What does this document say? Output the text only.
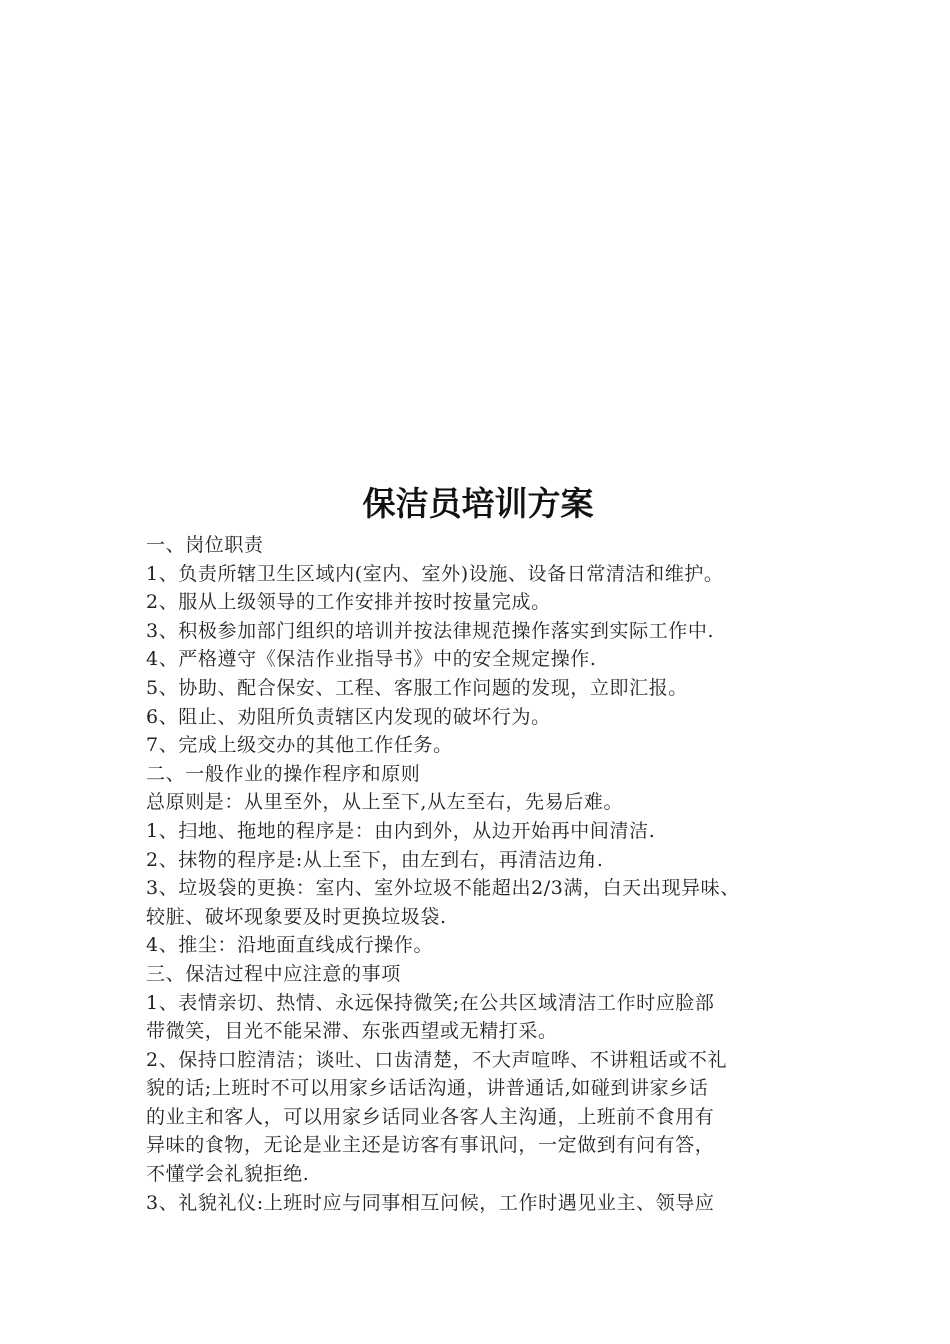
保洁员培训方案
一、岗位职责
1、负责所辖卫生区域内(室内、室外)设施、设备日常清洁和维护。
2、服从上级领导的工作安排并按时按量完成。
3、积极参加部门组织的培训并按法律规范操作落实到实际工作中.
4、严格遵守《保洁作业指导书》中的安全规定操作.
5、协助、配合保安、工程、客服工作问题的发现，立即汇报。
6、阻止、劝阻所负责辖区内发现的破坏行为。
7、完成上级交办的其他工作任务。
二、一般作业的操作程序和原则
总原则是：从里至外，从上至下,从左至右，先易后难。
1、扫地、拖地的程序是：由内到外，从边开始再中间清洁.
2、抹物的程序是:从上至下，由左到右，再清洁边角.
3、垃圾袋的更换：室内、室外垃圾不能超出2/3满，白天出现异味、
较脏、破坏现象要及时更换垃圾袋.
4、推尘：沿地面直线成行操作。
三、保洁过程中应注意的事项
1、表情亲切、热情、永远保持微笑;在公共区域清洁工作时应脸部
带微笑，目光不能呆滞、东张西望或无精打采。
2、保持口腔清洁；谈吐、口齿清楚，不大声喧哗、不讲粗话或不礼
貌的话;上班时不可以用家乡话话沟通，讲普通话,如碰到讲家乡话
的业主和客人，可以用家乡话同业各客人主沟通，上班前不食用有
异味的食物，无论是业主还是访客有事讯问，一定做到有问有答，
不懂学会礼貌拒绝.
3、礼貌礼仪:上班时应与同事相互问候，工作时遇见业主、领导应
